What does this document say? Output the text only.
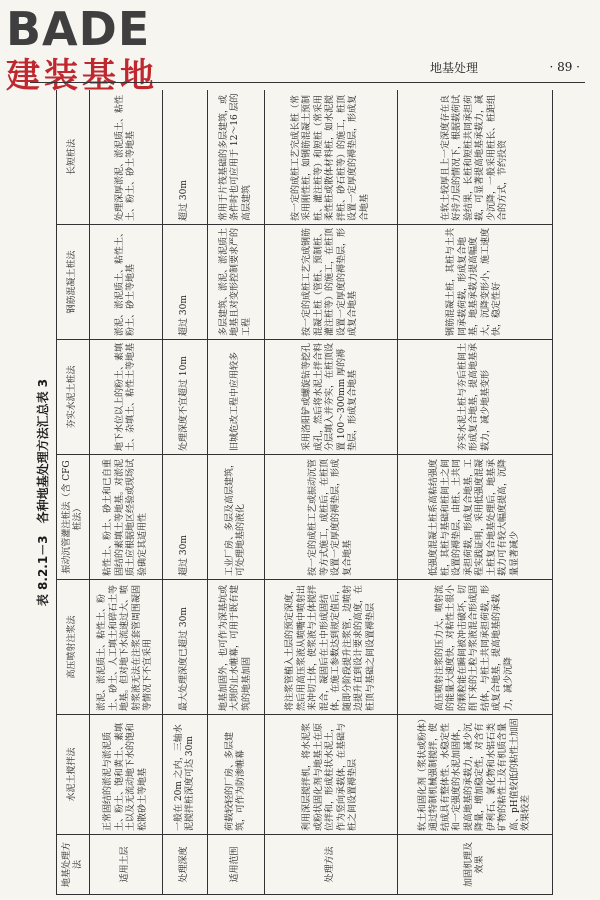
BADE
建装基地	地基处理	· 89 ·
表 8.2.1－3　各种地基处理方法汇总表 3
地基处理方法	水泥土搅拌法	高压喷射注浆法	振动沉管灌注桩法（含 CFG 桩法）	夯实水泥土桩法	钢筋混凝土桩法	长短桩法
适用土层	正常固结的淤泥与淤泥质土、粉土、饱和黄土、素填土以及无流动地下水的饱和松散砂土等地基	淤泥、淤泥质土、粘性土、粉土、砂土、人工填土和碎石土等地基。但对地下水流速过大、喷射浆液无法在注浆套管周围凝固等情况下不宜采用	粘性土、粉土、砂土和已自重固结的素填土等地基。对淤泥质土应根据地区经验或现场试验确定其适用性	地下水位以上的粉土、素填土、杂填土、粘性土等地基	淤泥、淤泥质土、粘性土、粉土、砂土等地基	处理深厚淤泥、淤泥质土、粘性土、粉土、砂土等地基
处理深度	一般在 20m 之内，三轴水泥搅拌桩深度可达 30m	最大处理深度已超过 30m	超过 30m	处理深度不宜超过 10m	超过 30m	超过 30m
适用范围	荷载较轻的厂房、多层建筑，可作为防渗帷幕	地基加固外，也可作为深基坑或大坝的止水帷幕，可用于既有建筑的地基加固	工业厂房、多层及高层建筑，可处理地基的液化	旧城危改工程中应用较多	多层建筑、淤泥、淤泥质土地基且对变形控制要求严的工程	常用于片筏基础的多层建筑，或条件时也可应用于 12～16 层的高层建筑
处理方法	利用深层搅拌机，将水泥浆或粉状固化剂与地基土在原位拌和，形成柱状水泥土，作为竖向承载体，在基础与桩之间设置褥垫层	将注浆管植入土层的预定深度，然后用高压浆液从喷嘴中喷射出来冲切土体，使浆液与土体搅拌混合，凝固后在土中形成固结体，在施工参数达到规定值后，随即分阶段提升注浆管，边喷射边提升直到设计要求的高度，在桩顶与基础之间设置褥垫层	按一定的成桩工艺或振动沉管等方式施工，成桩后，在桩顶设置一定厚度的褥垫层，形成复合地基	采用洛阳铲或螺旋钻等挖孔成孔，然后将水泥土拌合料分层填入并夯实，在桩顶设置 100～300mm 厚的褥垫层，形成复合地基	按一定的成桩工艺完成钢筋混凝土桩（管桩、预制桩、灌注桩等）的施工，在桩顶设置一定厚度的褥垫层，形成复合地基	按一定的成桩工艺完成长桩（常采用刚性桩，如钢筋混凝土预制桩、灌注桩等）和短桩（常采用柔性桩或散体材料桩，如水泥搅拌桩、砂石桩等）的施工，桩顶设置一定厚度的褥垫层，形成复合地基
加固机理及效果	软土和固化剂（浆状或粉体）通过特制机械强制搅拌，使结成具有整体性、水稳定性和一定强度的水泥加固体，提高地基的承载力，减少沉降量，增加稳定性，对含有伊利石、氯化物和水铝石类矿物的粘性土及有机质含量高、pH值较低的粘性土加固效果较差	高压喷射注浆的压力大，喷射流的能量大速度快，对粘性土很小的颗粒能在瞬间被冲击破坏，切削下来的土粒与浆液混合形成固结体，与桩土共同承担荷载，形成复合地基，提高地基的承载力，减少沉降	低强度混凝土桩系高粘结强度桩，其桩与基础和桩间土之间设置的褥垫层，由桩、土共同承担荷载，形成复合地基，工程实践证明，采用低强度混凝土桩复合地基处理后，地基承载力可有较大幅度提高，沉降量显著减少	夯实水泥土桩与夯后桩间土形成复合地基，提高地基承载力，减少地基变形	钢筋混凝土桩，其桩与土共同承载荷载，形成复合地基，地基承载力提高幅度大，沉降变形小，施工速度快，稳定性好	在软土较厚且上一定深度存在良好持力层的情况下，根据载荷试验结果，长桩和短桩共同承担荷载，可显著提高地基承载力，减少沉降，一般采用桩长、桩距组合的方式，节约投资
